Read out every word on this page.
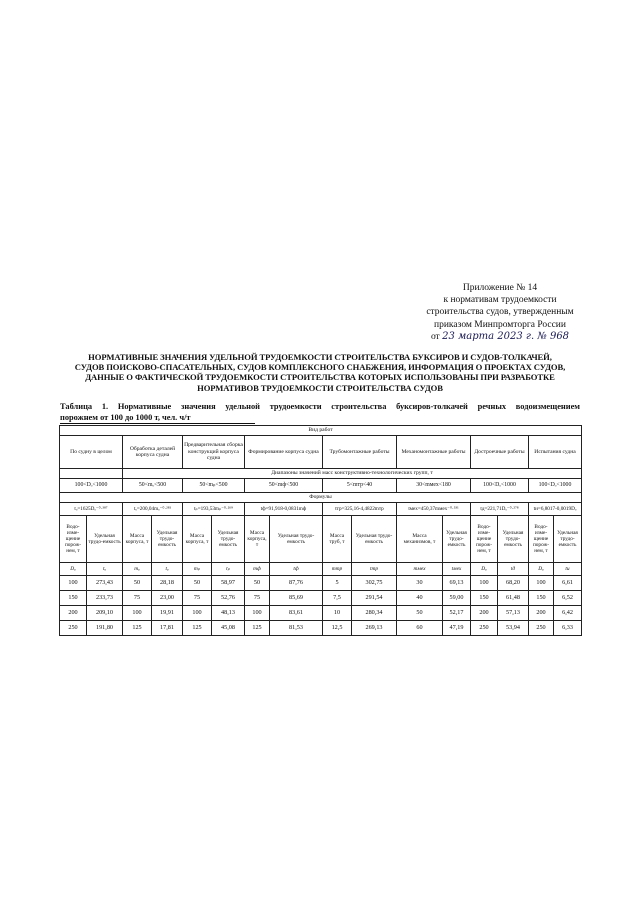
Приложение № 14
к нормативам трудоемкости
строительства судов, утвержденным
приказом Минпромторга России
от 23 марта 2023 г. № 968
НОРМАТИВНЫЕ ЗНАЧЕНИЯ УДЕЛЬНОЙ ТРУДОЕМКОСТИ СТРОИТЕЛЬСТВА БУКСИРОВ И СУДОВ-ТОЛКАЧЕЙ,
СУДОВ ПОИСКОВО-СПАСАТЕЛЬНЫХ, СУДОВ КОМПЛЕКСНОГО СНАБЖЕНИЯ, ИНФОРМАЦИЯ О ПРОЕКТАХ СУДОВ,
ДАННЫЕ О ФАКТИЧЕСКОЙ ТРУДОЕМКОСТИ СТРОИТЕЛЬСТВА КОТОРЫХ ИСПОЛЬЗОВАНЫ ПРИ РАЗРАБОТКЕ
НОРМАТИВОВ ТРУДОЕМКОСТИ СТРОИТЕЛЬСТВА СУДОВ
Таблица 1. Нормативные значения удельной трудоемкости строительства буксиров-толкачей речных водоизмещением
порожнем от 100 до 1000 т, чел. ч/т
Вид работ															
По судну в целом		Обработка деталей корпуса судна		Предварительная сборка конструкций корпуса судна		Формирование корпуса судна		Трубомонтажные работы		Механомонтажные работы		Достроечные работы		Испытания судна	
		Диапазоны значений масс конструктивно-технологических групп, т													
100<Dₒ<1000		50<mₒ<500		50<mₚ<500		50<mф<500		5<mтр<40		30<mмех<180		100<Dₒ<1000		100<Dₒ<1000	
Формулы															
tₒ=1625Dₒ⁻⁰·³⁸⁷		tₒ=200,04mₒ⁻⁰·²⁸¹		tₚ=193,53mₚ⁻⁰·²⁶⁹		tф=91,918-0,0831mф		tтр=325,16-4,4822mтр		tмех=450,37mмех⁻⁰·⁵³¹		tд=221,71Dₒ⁻⁰·²⁷⁸		tи=6,8017-0,0019Dₒ	
Водо-изме-щение порож-нем, т	Удельная трудо-емкость	Масса корпуса, т	Удельная трудо-емкость	Масса корпуса, т	Удельная трудо-емкость	Масса корпуса, т	Удельная трудо-емкость	Масса труб, т	Удельная трудо-емкость	Масса механизмов, т	Удельная трудо-емкость	Водо-изме-щение порож-нем, т	Удельная трудо-емкость	Водо-изме-щение порож-нем, т	Удельная трудо-емкость
Dₒ	tₒ	mₒ	tₒ	mₚ	tₚ	mф	tф	mтр	tтр	mмех	tмех	Dₒ	tд	Dₒ	tи
100	273,43	50	28,18	50	58,97	50	87,76	5	302,75	30	69,13	100	68,20	100	6,61
150	233,73	75	23,00	75	52,76	75	85,69	7,5	291,54	40	59,00	150	61,48	150	6,52
200	209,10	100	19,91	100	48,13	100	83,61	10	280,34	50	52,17	200	57,13	200	6,42
250	191,80	125	17,81	125	45,08	125	81,53	12,5	269,13	60	47,19	250	53,94	250	6,33
